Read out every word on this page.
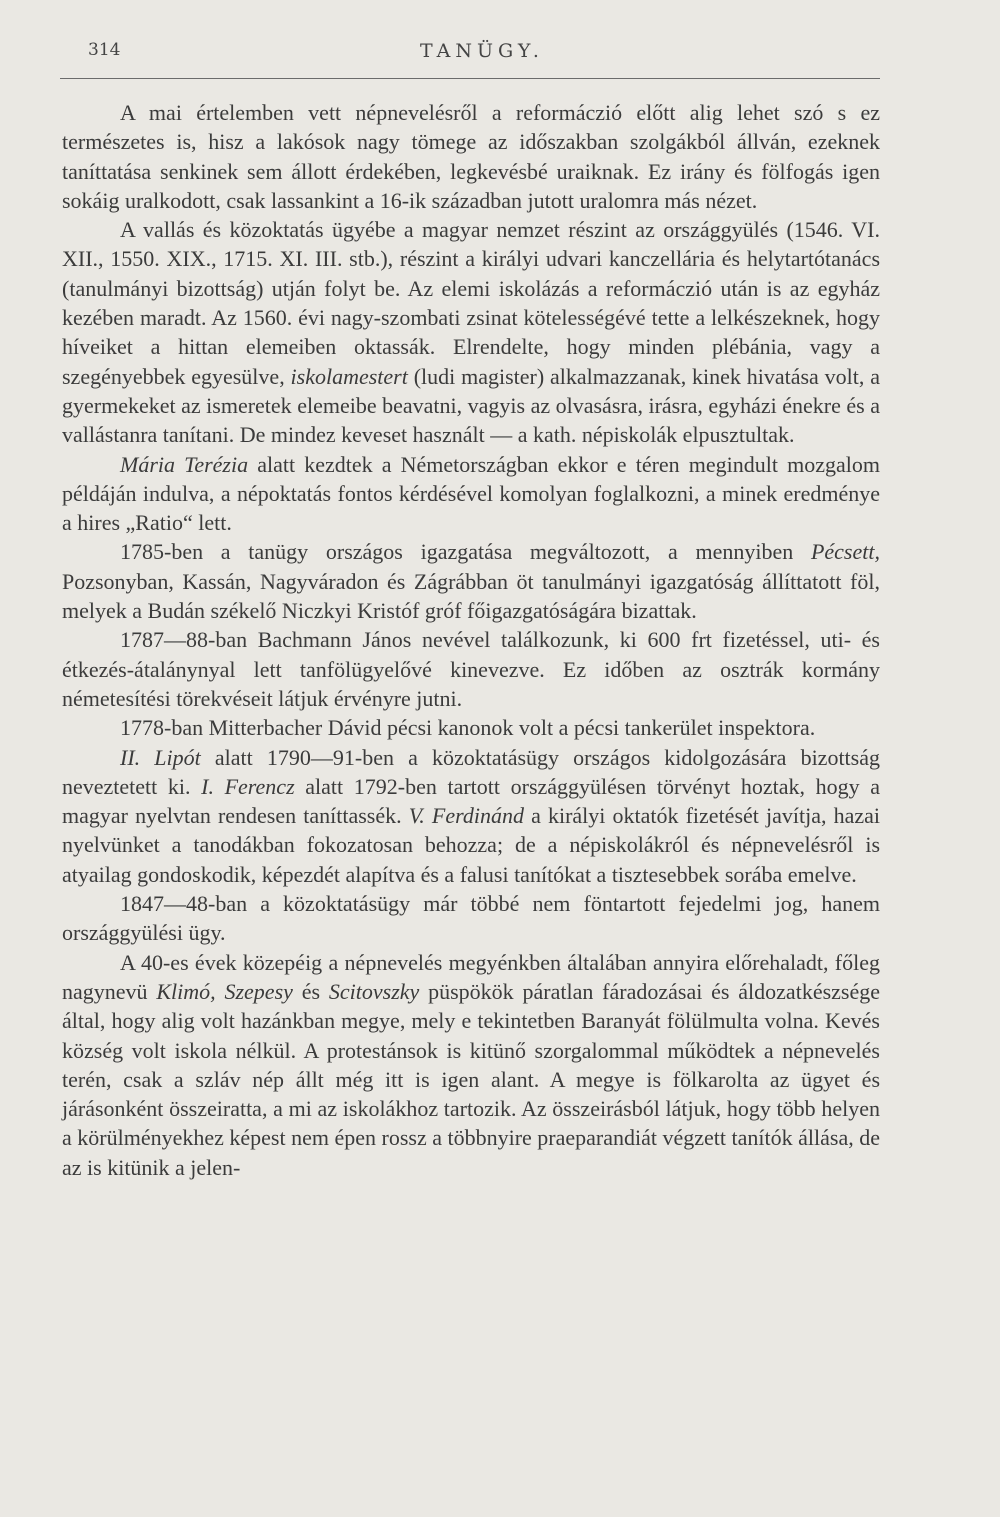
314	TANÜGY.

A mai értelemben vett népnevelésről a reformáczió előtt alig lehet szó s ez természetes is, hisz a lakósok nagy tömege az időszakban szolgákból állván, ezeknek taníttatása senkinek sem állott érdekében, legkevésbé uraiknak. Ez irány és fölfogás igen sokáig uralkodott, csak lassankint a 16-ik században jutott uralomra más nézet.

A vallás és közoktatás ügyébe a magyar nemzet részint az országgyülés (1546. VI. XII., 1550. XIX., 1715. XI. III. stb.), részint a királyi udvari kanczellária és helytartótanács (tanulmányi bizottság) utján folyt be. Az elemi iskolázás a reformáczió után is az egyház kezében maradt. Az 1560. évi nagy-szombati zsinat kötelességévé tette a lelkészeknek, hogy híveiket a hittan elemeiben oktassák. Elrendelte, hogy minden plébánia, vagy a szegényebbek egyesülve, iskolamestert (ludi magister) alkalmazzanak, kinek hivatása volt, a gyermekeket az ismeretek elemeibe beavatni, vagyis az olvasásra, irásra, egyházi énekre és a vallástanra tanítani. De mindez keveset használt — a kath. népiskolák elpusztultak.

Mária Terézia alatt kezdtek a Németországban ekkor e téren megindult mozgalom példáján indulva, a népoktatás fontos kérdésével komolyan foglalkozni, a minek eredménye a hires „Ratio“ lett.

1785-ben a tanügy országos igazgatása megváltozott, a mennyiben Pécsett, Pozsonyban, Kassán, Nagyváradon és Zágrábban öt tanulmányi igazgatóság állíttatott föl, melyek a Budán székelő Niczkyi Kristóf gróf főigazgatóságára bizattak.

1787—88-ban Bachmann János nevével találkozunk, ki 600 frt fizetéssel, uti- és étkezés-átalánynyal lett tanfölügyelővé kinevezve. Ez időben az osztrák kormány németesítési törekvéseit látjuk érvényre jutni.

1778-ban Mitterbacher Dávid pécsi kanonok volt a pécsi tankerület inspektora.

II. Lipót alatt 1790—91-ben a közoktatásügy országos kidolgozására bizottság neveztetett ki. I. Ferencz alatt 1792-ben tartott országgyülésen törvényt hoztak, hogy a magyar nyelvtan rendesen taníttassék. V. Ferdinánd a királyi oktatók fizetését javítja, hazai nyelvünket a tanodákban fokozatosan behozza; de a népiskolákról és népnevelésről is atyailag gondoskodik, képezdét alapítva és a falusi tanítókat a tisztesebbek sorába emelve.

1847—48-ban a közoktatásügy már többé nem föntartott fejedelmi jog, hanem országgyülési ügy.

A 40-es évek közepéig a népnevelés megyénkben általában annyira előrehaladt, főleg nagynevü Klimó, Szepesy és Scitovszky püspökök páratlan fáradozásai és áldozatkészsége által, hogy alig volt hazánkban megye, mely e tekintetben Baranyát fölülmulta volna. Kevés község volt iskola nélkül. A protestánsok is kitünő szorgalommal működtek a népnevelés terén, csak a szláv nép állt még itt is igen alant. A megye is fölkarolta az ügyet és járásonként összeiratta, a mi az iskolákhoz tartozik. Az összeirásból látjuk, hogy több helyen a körülményekhez képest nem épen rossz a többnyire praeparandiát végzett tanítók állása, de az is kitünik a jelen-
